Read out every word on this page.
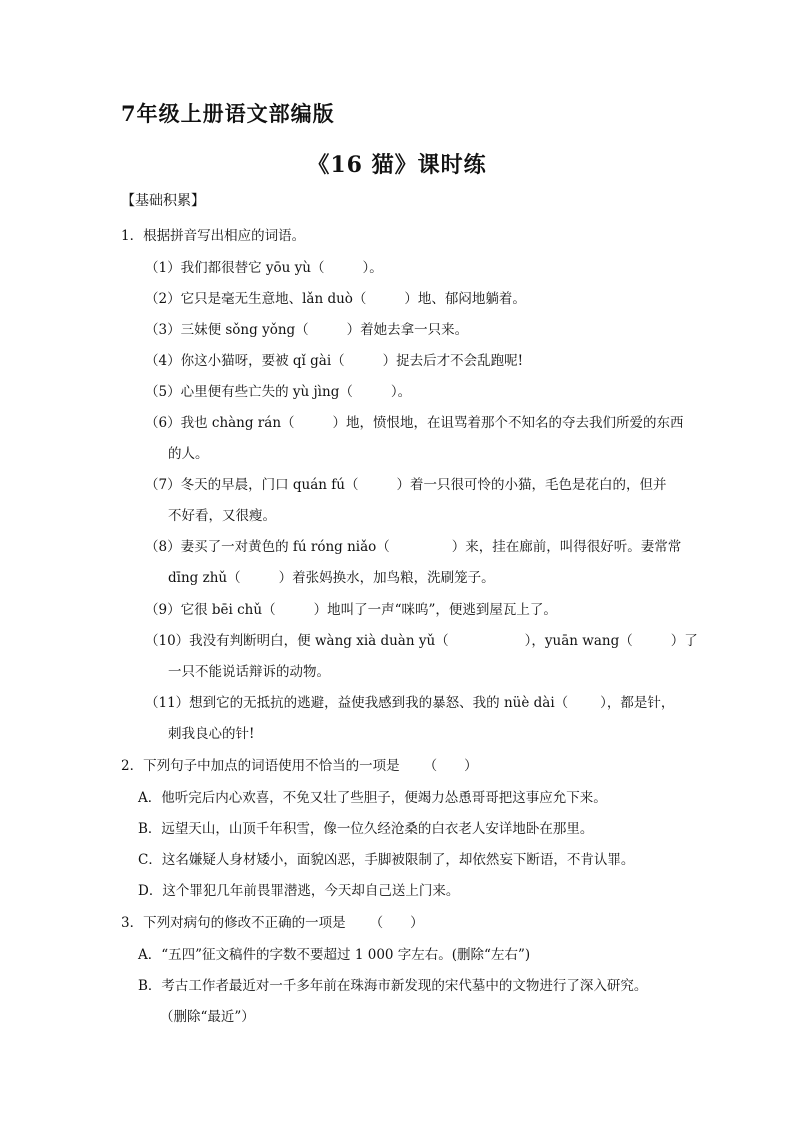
7年级上册语文部编版
《16 猫》课时练
【基础积累】
1．根据拼音写出相应的词语。
（1）我们都很替它 yōu yù（	）。
（2）它只是毫无生意地、lǎn duò（	）地、郁闷地躺着。
（3）三妹便 sǒng yǒng（	）着她去拿一只来。
（4）你这小猫呀，要被 qǐ gài（	）捉去后才不会乱跑呢!
（5）心里便有些亡失的 yù jìng（	）。
（6）我也 chàng rán（	）地，愤恨地，在诅骂着那个不知名的夺去我们所爱的东西
的人。
（7）冬天的早晨，门口 quán fú（	）着一只很可怜的小猫，毛色是花白的，但并
不好看，又很瘦。
（8）妻买了一对黄色的 fú róng niǎo（	）来，挂在廊前，叫得很好听。妻常常
dīng zhǔ（	）着张妈换水，加鸟粮，洗刷笼子。
（9）它很 bēi chǔ（	）地叫了一声“咪呜”，便逃到屋瓦上了。
（10）我没有判断明白，便 wàng xià duàn yǔ（	），yuān wang（	）了
一只不能说话辩诉的动物。
（11）想到它的无抵抗的逃避，益使我感到我的暴怒、我的 nüè dài（ ），都是针，
刺我良心的针!
2．下列句子中加点的词语使用不恰当的一项是 （　　）
A．他听完后内心欢喜，不免又壮了些胆子，便竭力怂恿哥哥把这事应允下来。
B．远望天山，山顶千年积雪，像一位久经沧桑的白衣老人安详地卧在那里。
C．这名嫌疑人身材矮小，面貌凶恶，手脚被限制了，却依然妄下断语，不肯认罪。
D．这个罪犯几年前畏罪潜逃，今天却自己送上门来。
3．下列对病句的修改不正确的一项是 （　　）
A．“五四”征文稿件的字数不要超过 1 000 字左右。(删除“左右”)
B．考古工作者最近对一千多年前在珠海市新发现的宋代墓中的文物进行了深入研究。
（删除“最近”）
